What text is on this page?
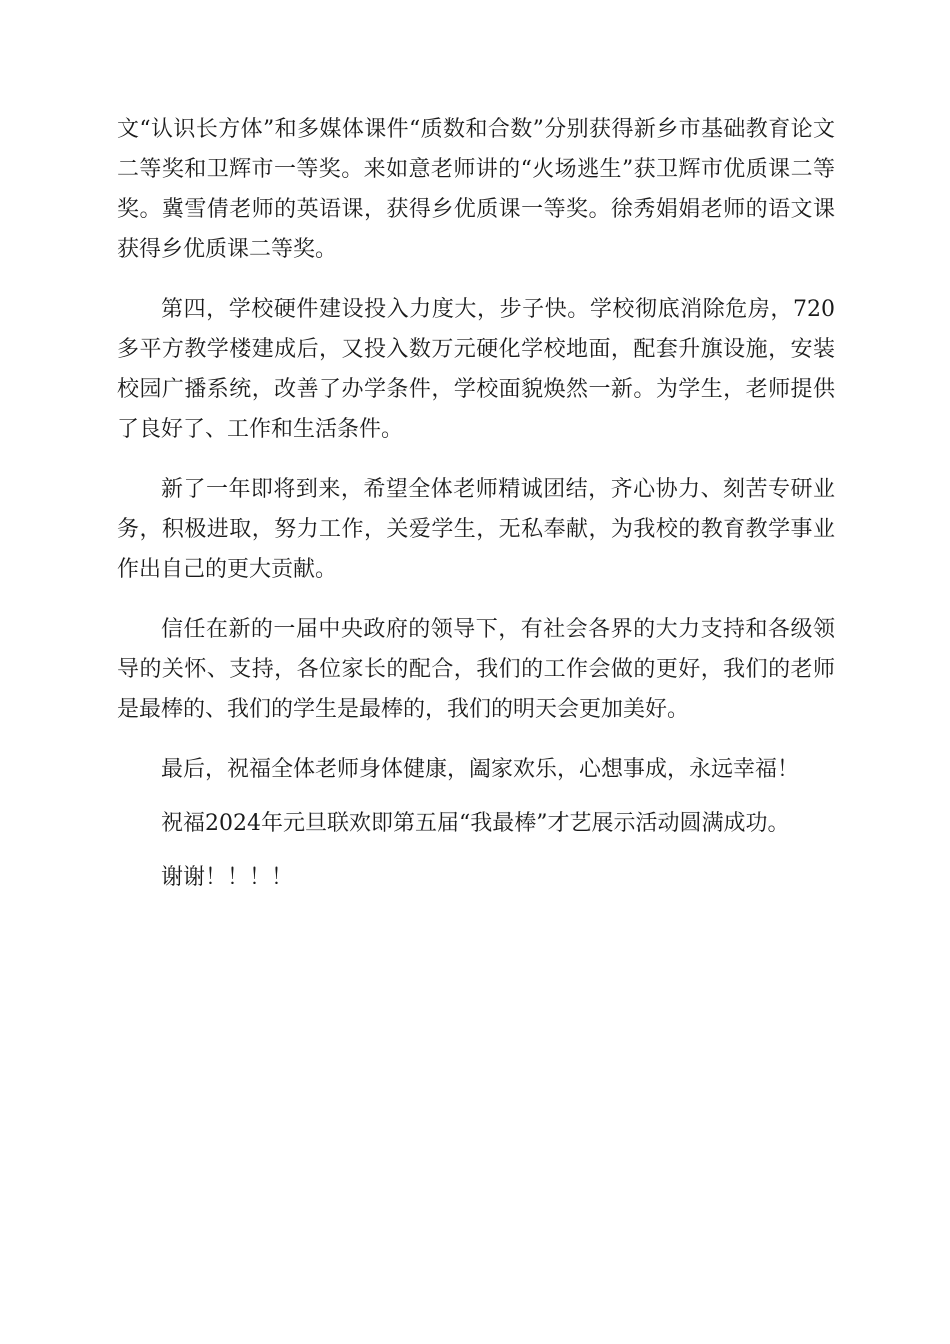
文“认识长方体”和多媒体课件“质数和合数”分别获得新乡市基础教育论文二等奖和卫辉市一等奖。来如意老师讲的“火场逃生”获卫辉市优质课二等奖。冀雪倩老师的英语课，获得乡优质课一等奖。徐秀娟娟老师的语文课获得乡优质课二等奖。

第四，学校硬件建设投入力度大，步子快。学校彻底消除危房，720多平方教学楼建成后，又投入数万元硬化学校地面，配套升旗设施，安装校园广播系统，改善了办学条件，学校面貌焕然一新。为学生，老师提供了良好了、工作和生活条件。

新了一年即将到来，希望全体老师精诚团结，齐心协力、刻苦专研业务，积极进取，努力工作，关爱学生，无私奉献，为我校的教育教学事业作出自己的更大贡献。

信任在新的一届中央政府的领导下，有社会各界的大力支持和各级领导的关怀、支持，各位家长的配合，我们的工作会做的更好，我们的老师是最棒的、我们的学生是最棒的，我们的明天会更加美好。

最后，祝福全体老师身体健康，阖家欢乐，心想事成，永远幸福！

祝福2024年元旦联欢即第五届“我最棒”才艺展示活动圆满成功。

谢谢！！！！
